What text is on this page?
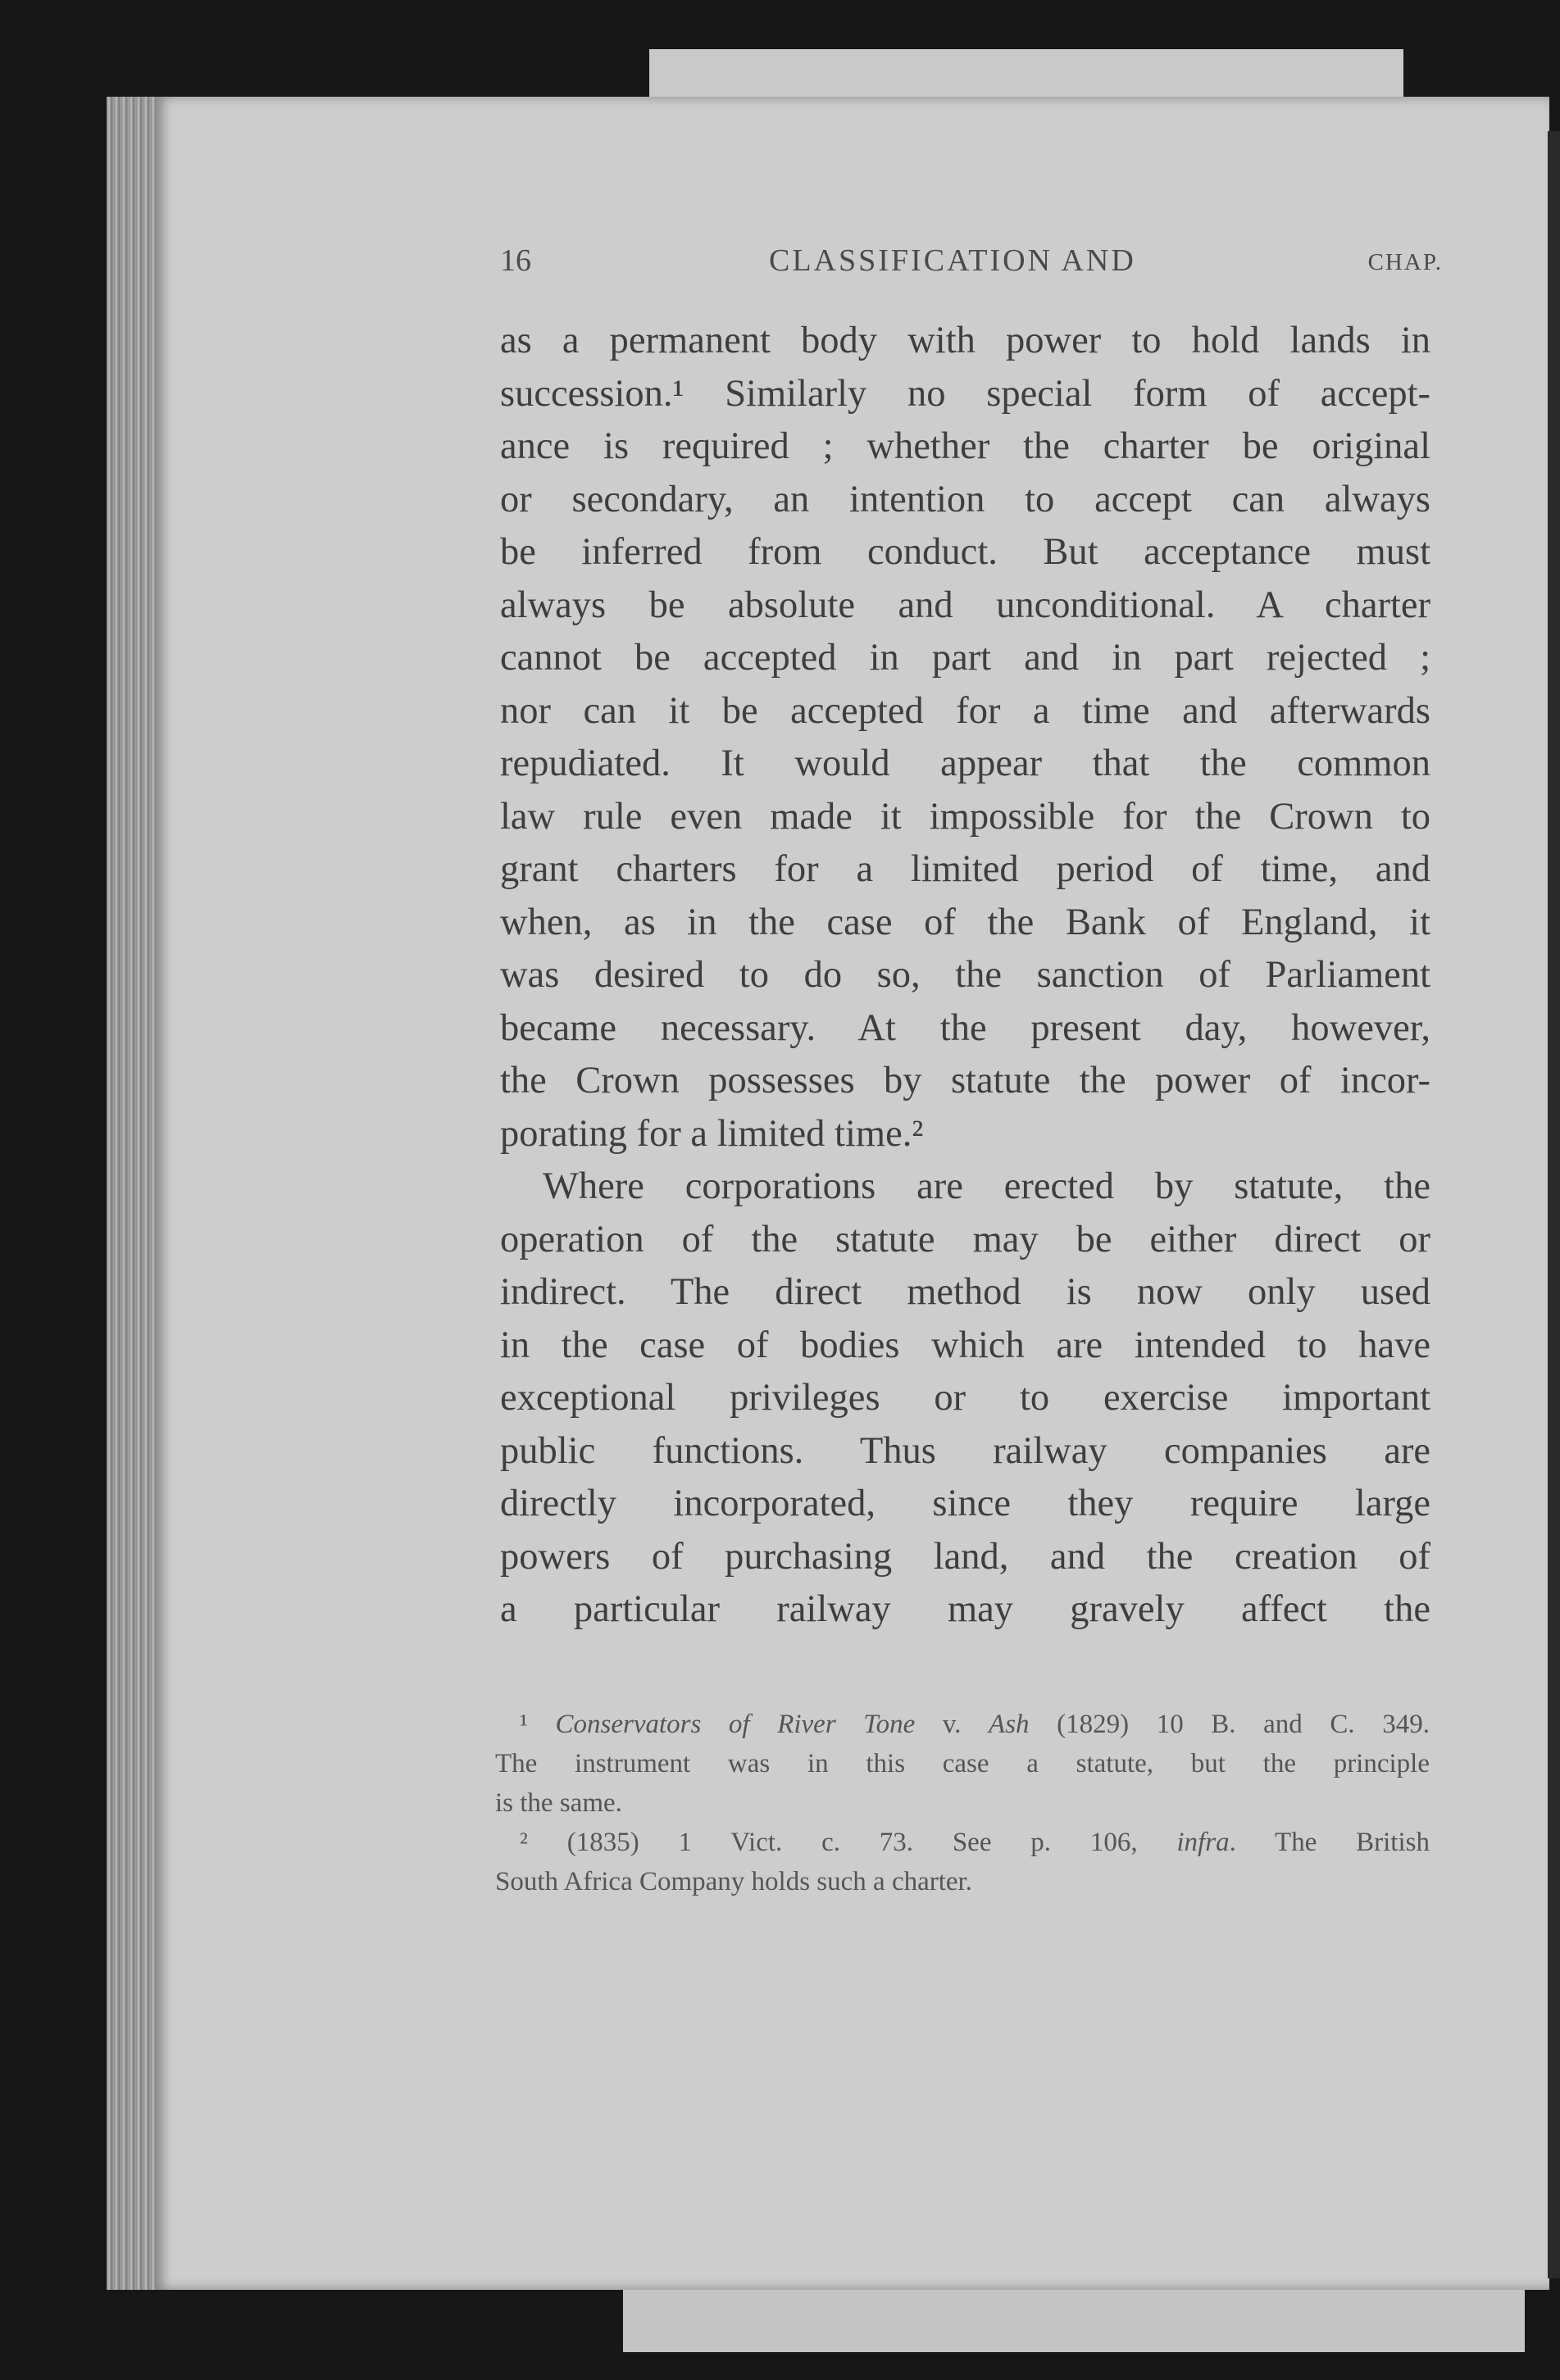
16	CLASSIFICATION AND	CHAP.
as a permanent body with power to hold lands in
succession.¹ Similarly no special form of accept-
ance is required ; whether the charter be original
or secondary, an intention to accept can always
be inferred from conduct. But acceptance must
always be absolute and unconditional. A charter
cannot be accepted in part and in part rejected ;
nor can it be accepted for a time and afterwards
repudiated. It would appear that the common
law rule even made it impossible for the Crown to
grant charters for a limited period of time, and
when, as in the case of the Bank of England, it
was desired to do so, the sanction of Parliament
became necessary. At the present day, however,
the Crown possesses by statute the power of incor-
porating for a limited time.²
Where corporations are erected by statute, the
operation of the statute may be either direct or
indirect. The direct method is now only used
in the case of bodies which are intended to have
exceptional privileges or to exercise important
public functions. Thus railway companies are
directly incorporated, since they require large
powers of purchasing land, and the creation of
a particular railway may gravely affect the
¹ Conservators of River Tone v. Ash (1829) 10 B. and C. 349.
The instrument was in this case a statute, but the principle
is the same.
² (1835) 1 Vict. c. 73. See p. 106, infra. The British
South Africa Company holds such a charter.
